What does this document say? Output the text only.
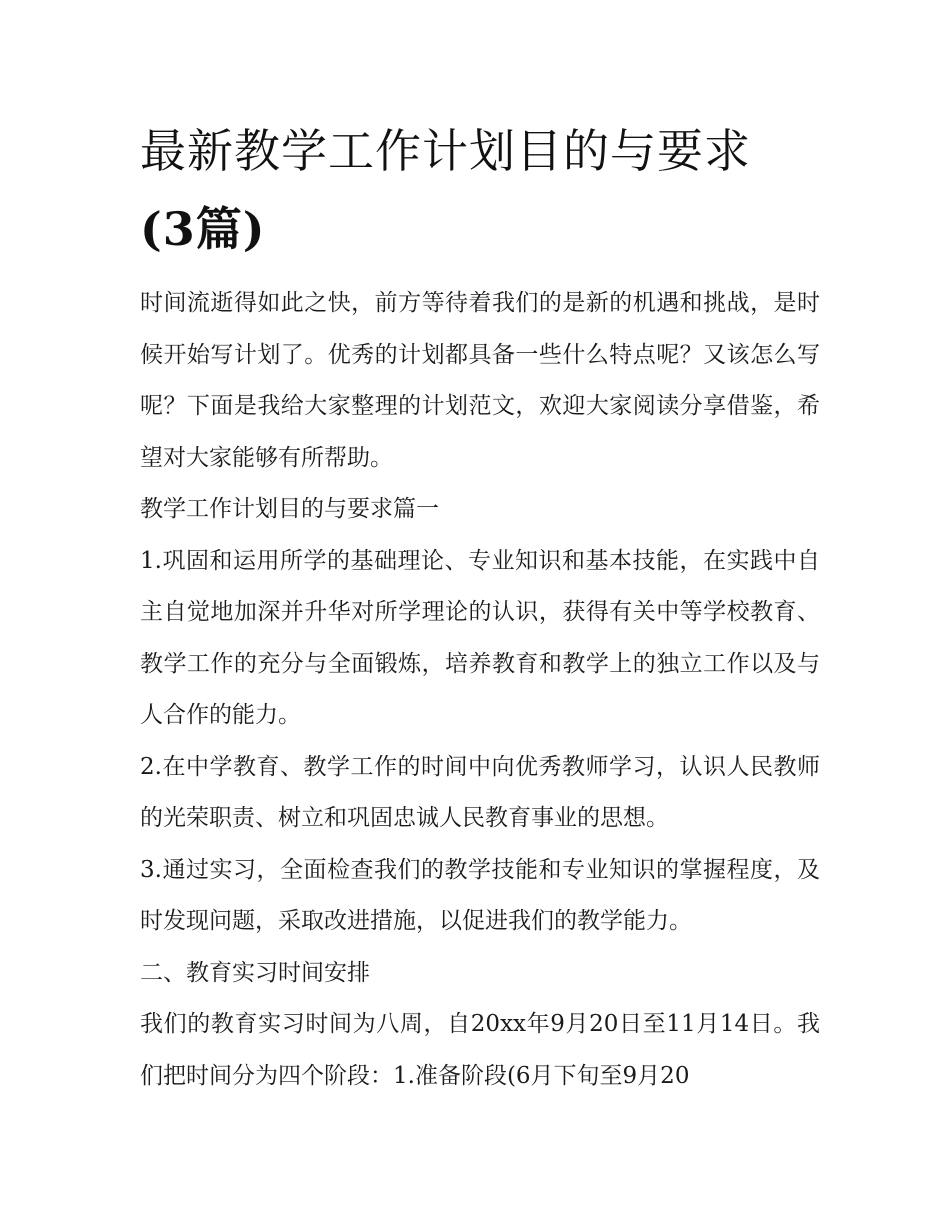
最新教学工作计划目的与要求
(3篇)

时间流逝得如此之快，前方等待着我们的是新的机遇和挑战，是时候开始写计划了。优秀的计划都具备一些什么特点呢？又该怎么写呢？下面是我给大家整理的计划范文，欢迎大家阅读分享借鉴，希望对大家能够有所帮助。

教学工作计划目的与要求篇一

1.巩固和运用所学的基础理论、专业知识和基本技能，在实践中自主自觉地加深并升华对所学理论的认识，获得有关中等学校教育、教学工作的充分与全面锻炼，培养教育和教学上的独立工作以及与人合作的能力。

2.在中学教育、教学工作的时间中向优秀教师学习，认识人民教师的光荣职责、树立和巩固忠诚人民教育事业的思想。

3.通过实习，全面检查我们的教学技能和专业知识的掌握程度，及时发现问题，采取改进措施，以促进我们的教学能力。

二、教育实习时间安排

我们的教育实习时间为八周，自20xx年9月20日至11月14日。我们把时间分为四个阶段：1.准备阶段(6月下旬至9月20
